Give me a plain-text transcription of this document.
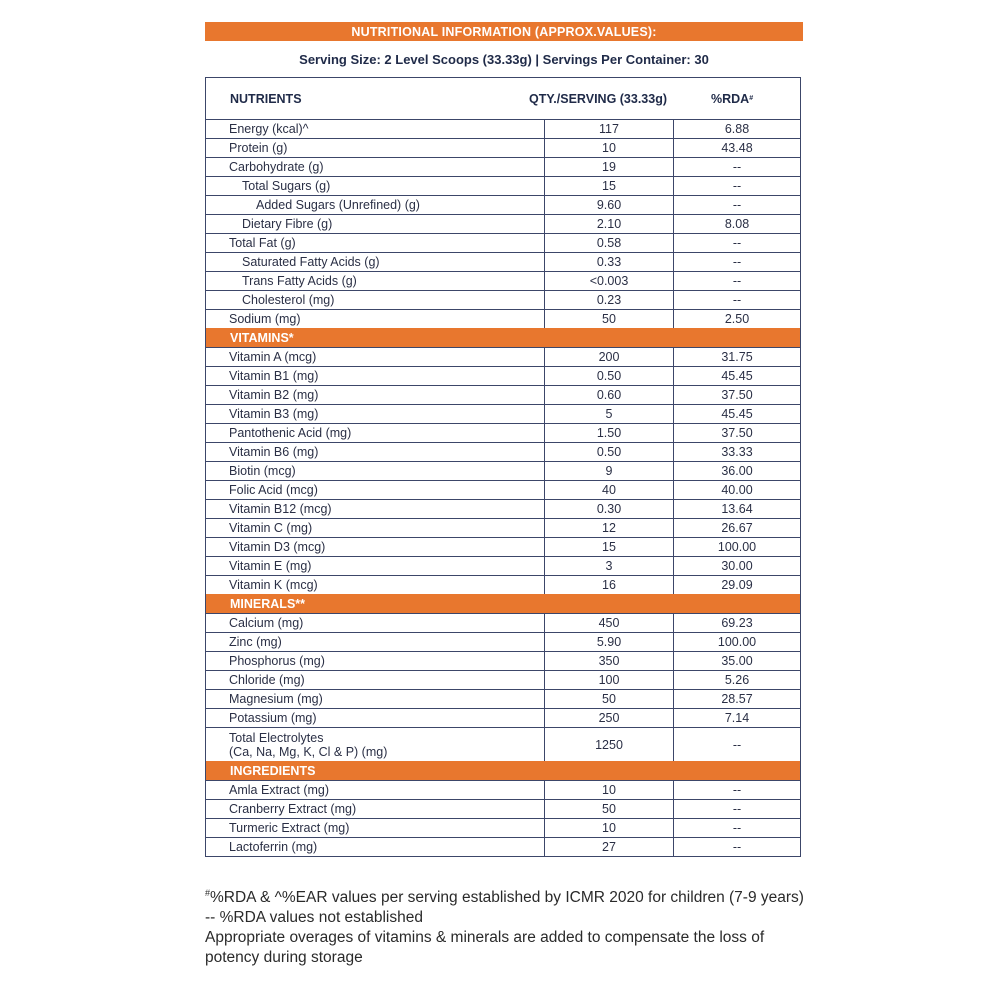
NUTRITIONAL INFORMATION (APPROX.VALUES):
Serving Size: 2 Level Scoops (33.33g) | Servings Per Container: 30
NUTRIENTS	QTY./SERVING (33.33g)	%RDA #
Energy (kcal)^	117	6.88
Protein (g)	10	43.48
Carbohydrate (g)	19	--
Total Sugars (g)	15	--
Added Sugars (Unrefined) (g)	9.60	--
Dietary Fibre (g)	2.10	8.08
Total Fat (g)	0.58	--
Saturated Fatty Acids (g)	0.33	--
Trans Fatty Acids (g)	<0.003	--
Cholesterol (mg)	0.23	--
Sodium (mg)	50	2.50
VITAMINS*
Vitamin A (mcg)	200	31.75
Vitamin B1 (mg)	0.50	45.45
Vitamin B2 (mg)	0.60	37.50
Vitamin B3 (mg)	5	45.45
Pantothenic Acid (mg)	1.50	37.50
Vitamin B6 (mg)	0.50	33.33
Biotin (mcg)	9	36.00
Folic Acid (mcg)	40	40.00
Vitamin B12 (mcg)	0.30	13.64
Vitamin C (mg)	12	26.67
Vitamin D3 (mcg)	15	100.00
Vitamin E (mg)	3	30.00
Vitamin K (mcg)	16	29.09
MINERALS**
Calcium (mg)	450	69.23
Zinc (mg)	5.90	100.00
Phosphorus (mg)	350	35.00
Chloride (mg)	100	5.26
Magnesium (mg)	50	28.57
Potassium (mg)	250	7.14
Total Electrolytes
(Ca, Na, Mg, K, Cl & P) (mg)	1250	--
INGREDIENTS
Amla Extract (mg)	10	--
Cranberry Extract (mg)	50	--
Turmeric Extract (mg)	10	--
Lactoferrin (mg)	27	--

#%RDA & ^%EAR values per serving established by ICMR 2020 for children (7-9 years)

-- %RDA values not established

Appropriate overages of vitamins & minerals are added to compensate the loss of potency during storage
